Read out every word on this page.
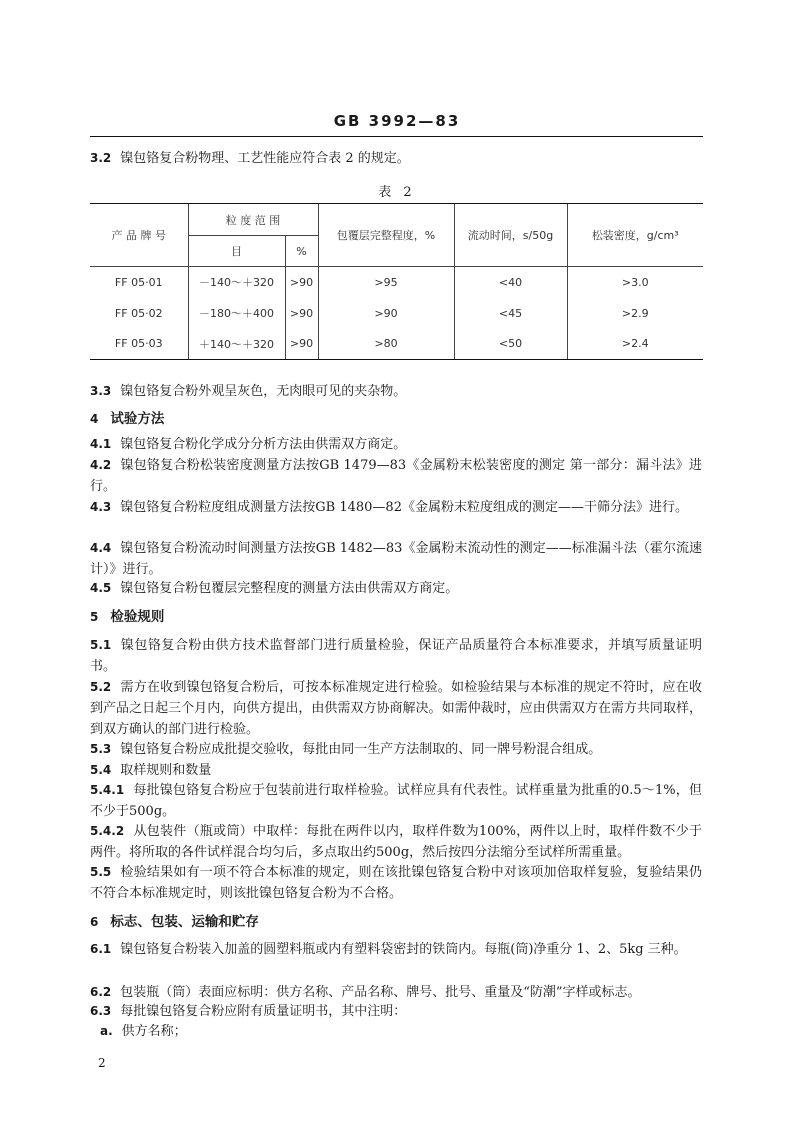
GB 3992—83
3.2 镍包铬复合粉物理、工艺性能应符合表 2 的规定。
表 2
产 品 牌 号	粒 度 范 围		包覆层完整程度，%	流动时间，s/50g	松装密度，g/cm³
	目	%			
FF 05·01	－140～＋320	>90	>95	<40	>3.0
FF 05·02	－180～＋400	>90	>90	<45	>2.9
FF 05·03	＋140～＋320	>90	>80	<50	>2.4
3.3 镍包铬复合粉外观呈灰色，无肉眼可见的夹杂物。
4 试验方法
4.1 镍包铬复合粉化学成分分析方法由供需双方商定。
4.2 镍包铬复合粉松装密度测量方法按GB 1479—83《金属粉末松装密度的测定 第一部分：漏斗法》进行。
4.3 镍包铬复合粉粒度组成测量方法按GB 1480—82《金属粉末粒度组成的测定——干筛分法》进行。
4.4 镍包铬复合粉流动时间测量方法按GB 1482—83《金属粉末流动性的测定——标准漏斗法（霍尔流速计）》进行。
4.5 镍包铬复合粉包覆层完整程度的测量方法由供需双方商定。
5 检验规则
5.1 镍包铬复合粉由供方技术监督部门进行质量检验，保证产品质量符合本标准要求，并填写质量证明书。
5.2 需方在收到镍包铬复合粉后，可按本标准规定进行检验。如检验结果与本标准的规定不符时，应在收到产品之日起三个月内，向供方提出，由供需双方协商解决。如需仲裁时，应由供需双方在需方共同取样，到双方确认的部门进行检验。
5.3 镍包铬复合粉应成批提交验收，每批由同一生产方法制取的、同一牌号粉混合组成。
5.4 取样规则和数量
5.4.1 每批镍包铬复合粉应于包装前进行取样检验。试样应具有代表性。试样重量为批重的0.5～1%，但不少于500g。
5.4.2 从包装件（瓶或筒）中取样：每批在两件以内，取样件数为100%，两件以上时，取样件数不少于两件。将所取的各件试样混合均匀后，多点取出约500g，然后按四分法缩分至试样所需重量。
5.5 检验结果如有一项不符合本标准的规定，则在该批镍包铬复合粉中对该项加倍取样复验，复验结果仍不符合本标准规定时，则该批镍包铬复合粉为不合格。
6 标志、包装、运输和贮存
6.1 镍包铬复合粉装入加盖的圆塑料瓶或内有塑料袋密封的铁筒内。每瓶(筒)净重分 1、2、5kg 三种。
6.2 包装瓶（筒）表面应标明：供方名称、产品名称、牌号、批号、重量及“防潮”字样或标志。
6.3 每批镍包铬复合粉应附有质量证明书，其中注明：
a. 供方名称；
2
